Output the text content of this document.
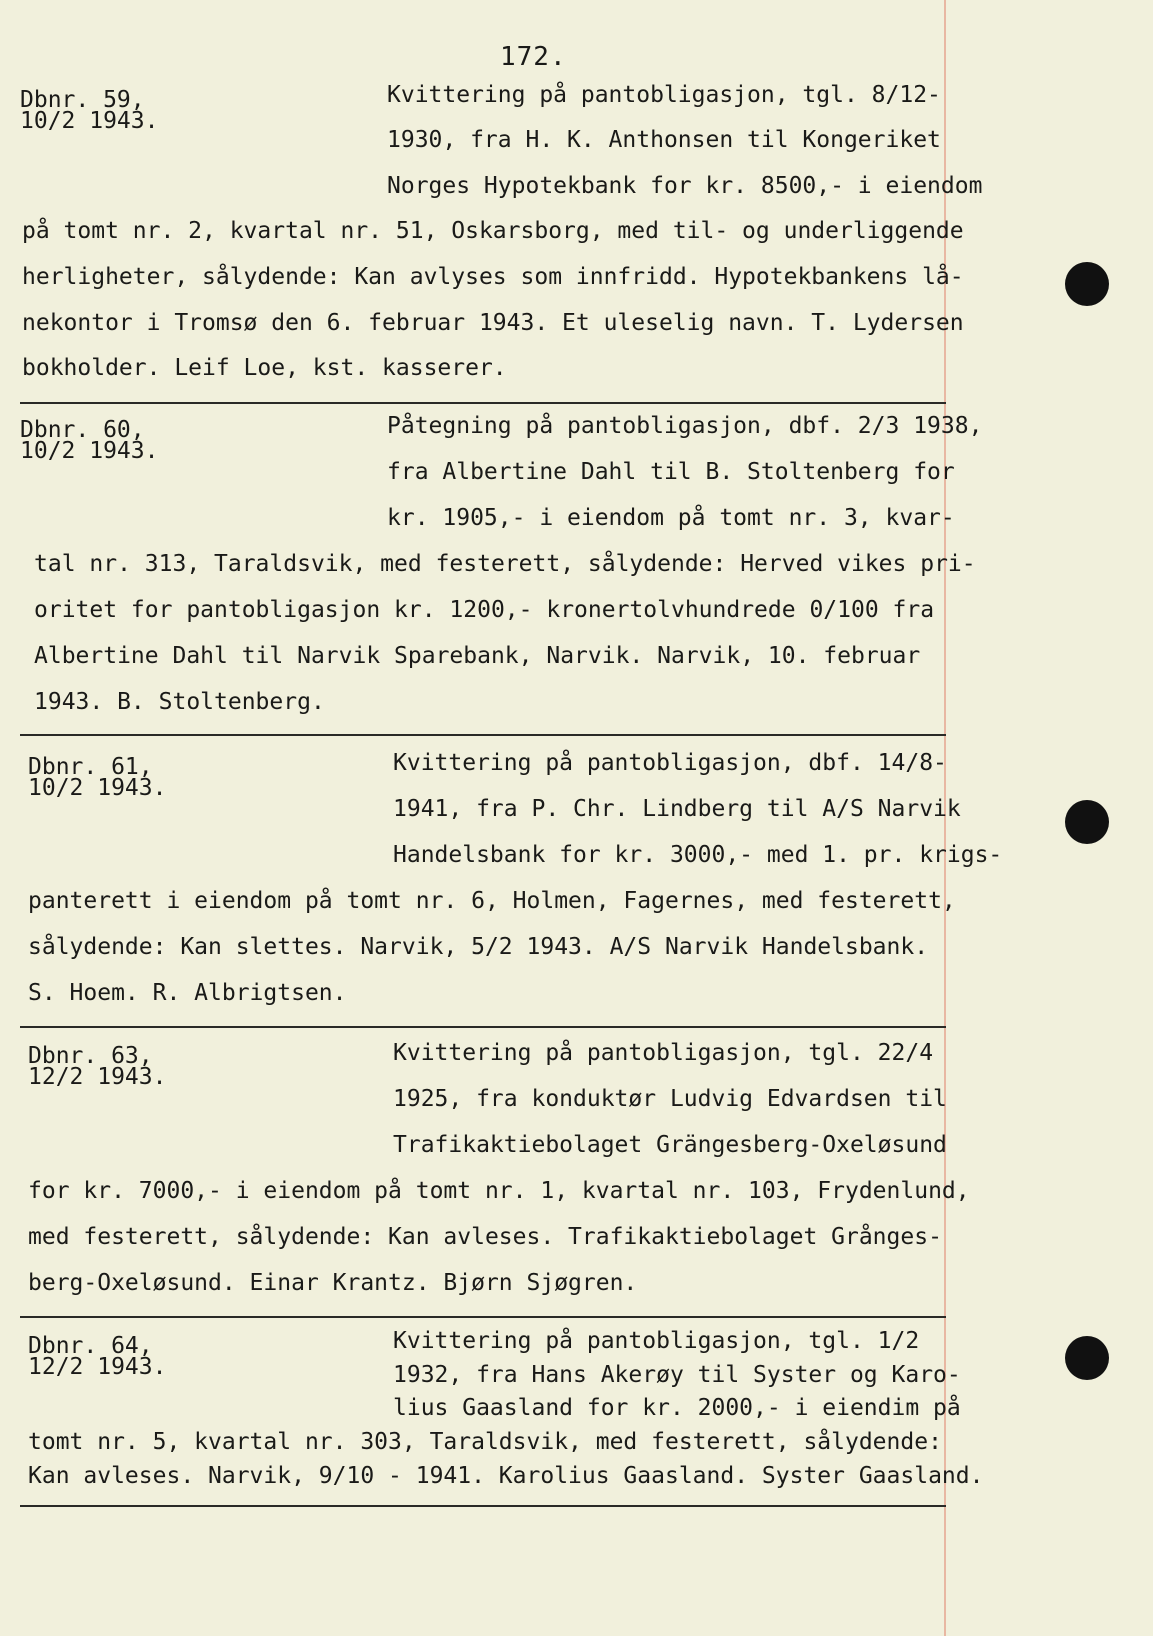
172.
Dbnr. 59,
10/2 1943.
Kvittering på pantobligasjon, tgl. 8/12-
1930, fra H. K. Anthonsen til Kongeriket
Norges Hypotekbank for kr. 8500,- i eiendom
på tomt nr. 2, kvartal nr. 51, Oskarsborg, med til- og underliggende
herligheter, sålydende: Kan avlyses som innfridd. Hypotekbankens lå-
nekontor i Tromsø den 6. februar 1943. Et uleselig navn. T. Lydersen
bokholder. Leif Loe, kst. kasserer.
Dbnr. 60,
10/2 1943.
Påtegning på pantobligasjon, dbf. 2/3 1938,
fra Albertine Dahl til B. Stoltenberg for
kr. 1905,- i eiendom på tomt nr. 3, kvar-
tal nr. 313, Taraldsvik, med festerett, sålydende: Herved vikes pri-
oritet for pantobligasjon kr. 1200,- kronertolvhundrede 0/100 fra
Albertine Dahl til Narvik Sparebank, Narvik. Narvik, 10. februar
1943. B. Stoltenberg.
Dbnr. 61,
10/2 1943.
Kvittering på pantobligasjon, dbf. 14/8-
1941, fra P. Chr. Lindberg til A/S Narvik
Handelsbank for kr. 3000,- med 1. pr. krigs-
panterett i eiendom på tomt nr. 6, Holmen, Fagernes, med festerett,
sålydende: Kan slettes. Narvik, 5/2 1943. A/S Narvik Handelsbank.
S. Hoem. R. Albrigtsen.
Dbnr. 63,
12/2 1943.
Kvittering på pantobligasjon, tgl. 22/4
1925, fra konduktør Ludvig Edvardsen til
Trafikaktiebolaget Grängesberg-Oxeløsund
for kr. 7000,- i eiendom på tomt nr. 1, kvartal nr. 103, Frydenlund,
med festerett, sålydende: Kan avleses. Trafikaktiebolaget Grånges-
berg-Oxeløsund. Einar Krantz. Bjørn Sjøgren.
Dbnr. 64,
12/2 1943.
Kvittering på pantobligasjon, tgl. 1/2
1932, fra Hans Akerøy til Syster og Karo-
lius Gaasland for kr. 2000,- i eiendim på
tomt nr. 5, kvartal nr. 303, Taraldsvik, med festerett, sålydende:
Kan avleses. Narvik, 9/10 - 1941. Karolius Gaasland. Syster Gaasland.
